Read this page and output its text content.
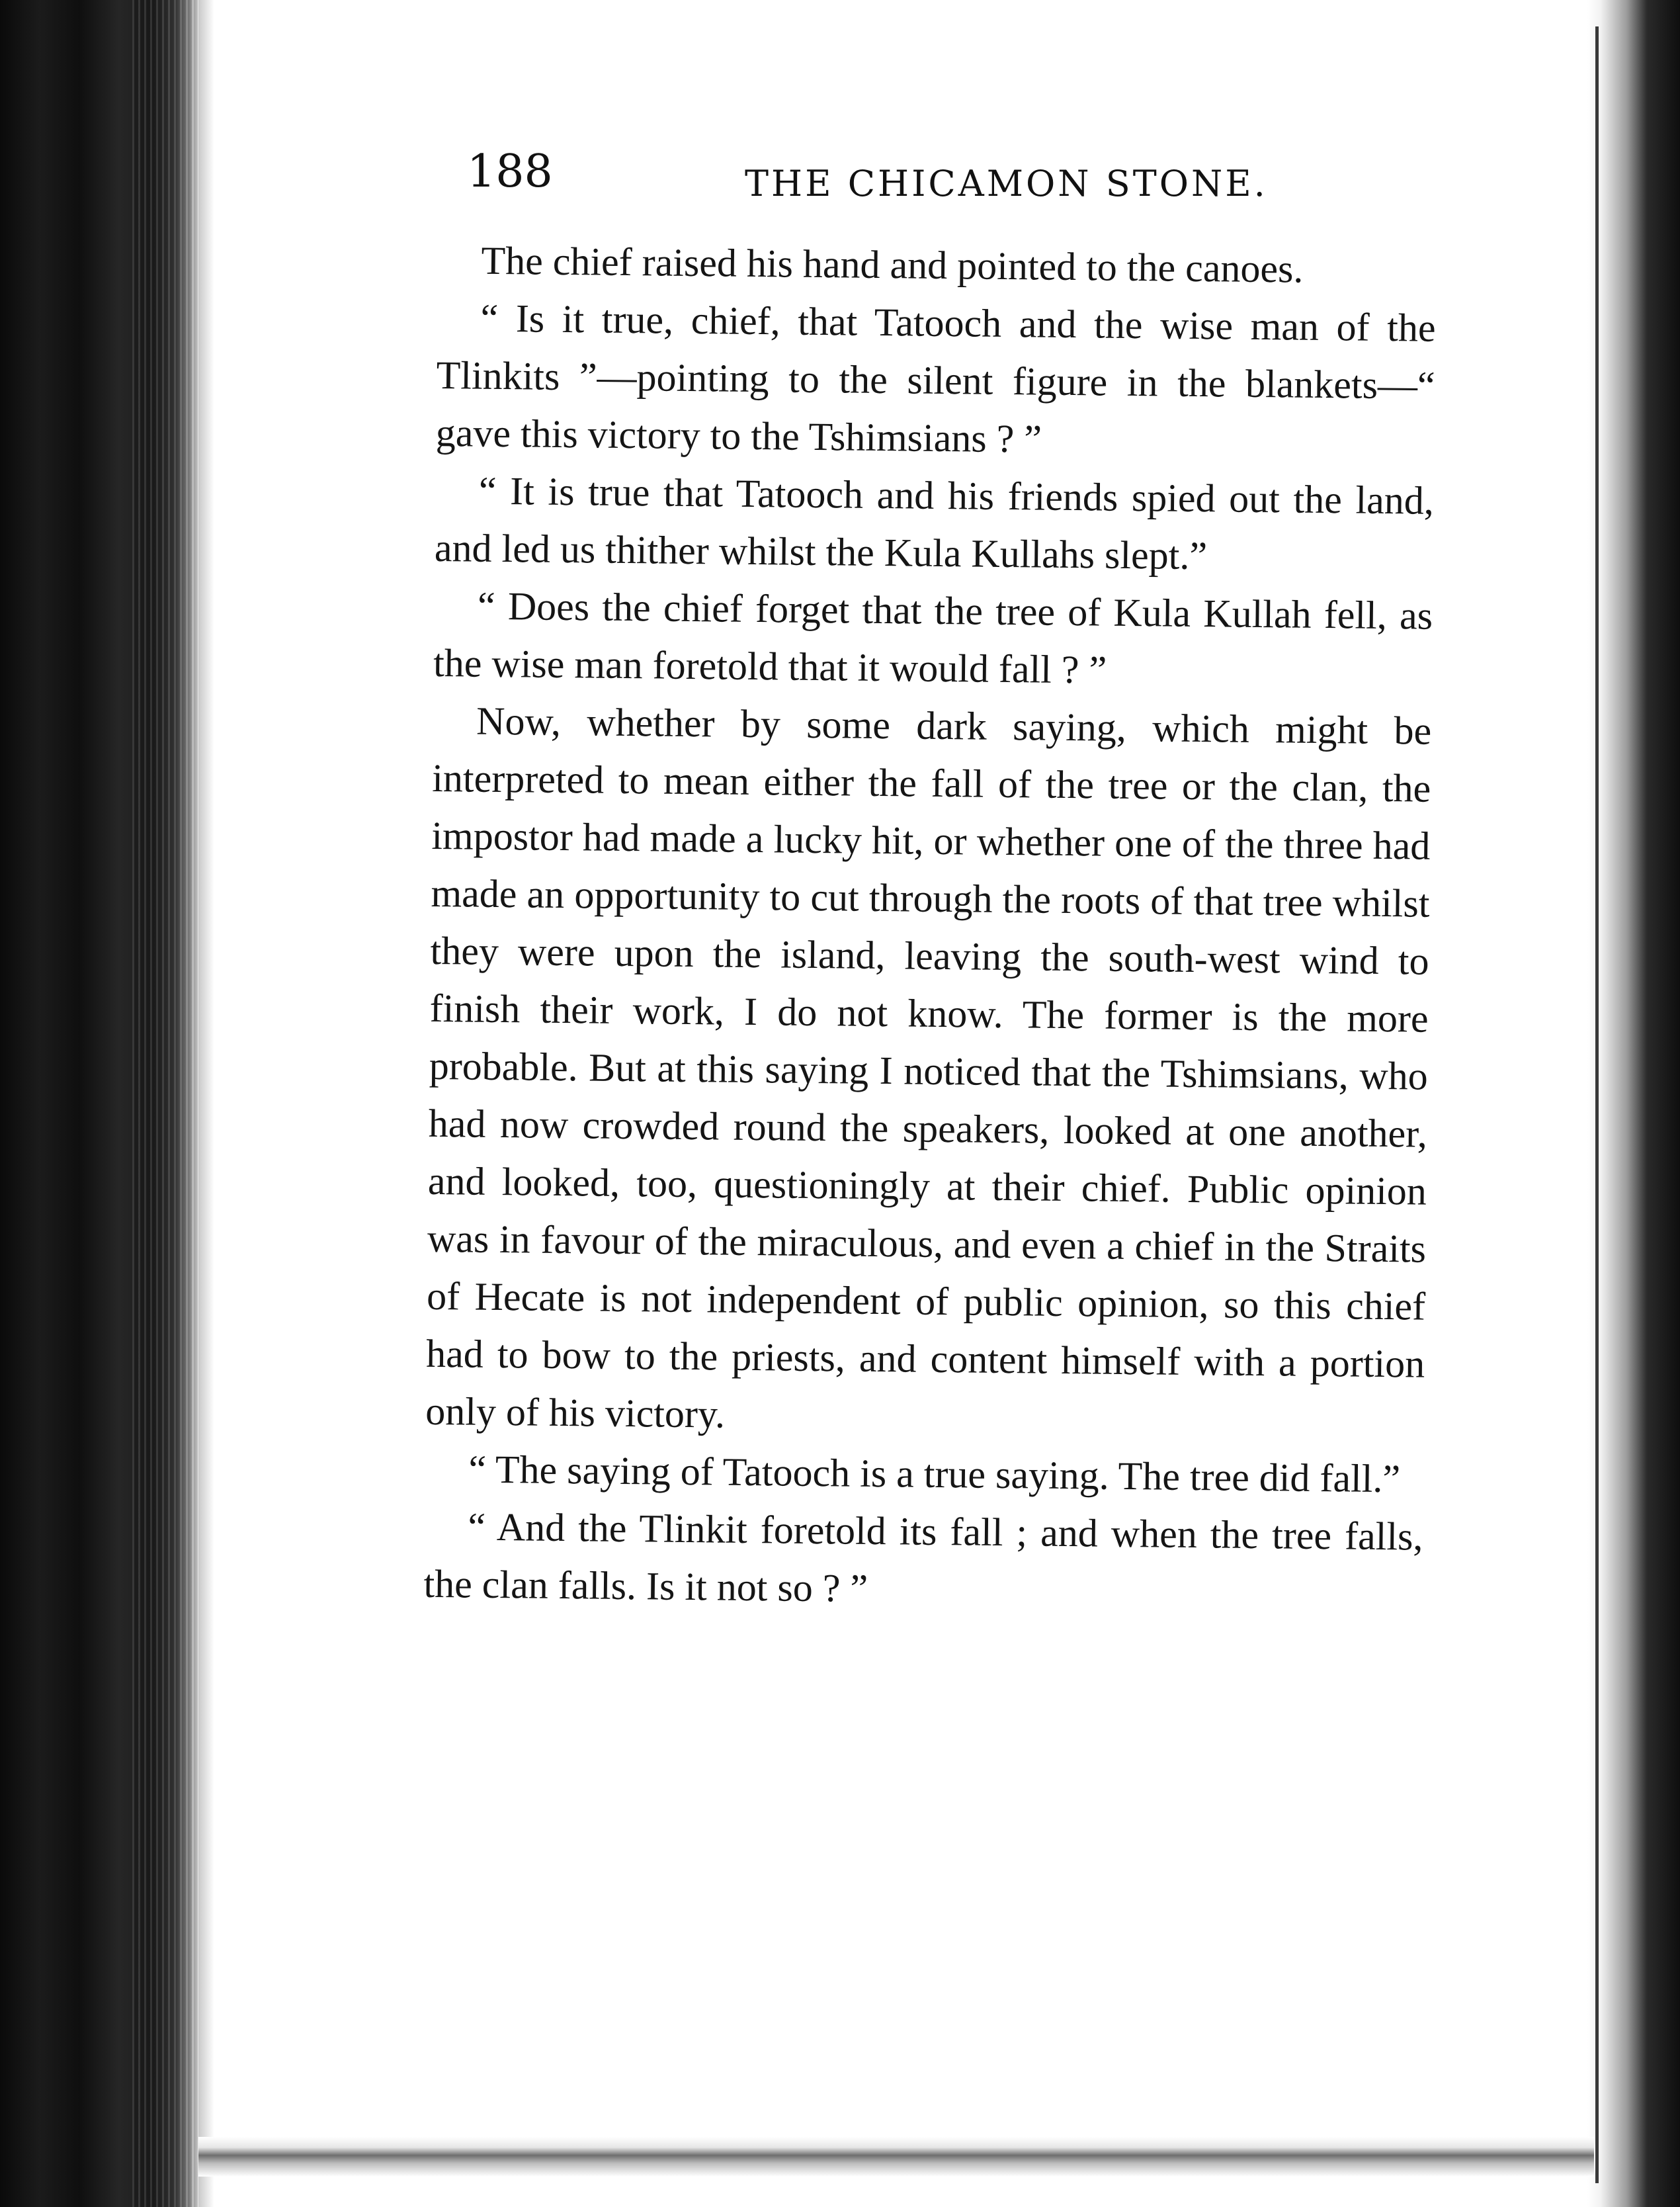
188	THE CHICAMON STONE.

The chief raised his hand and pointed to the canoes.

“ Is it true, chief, that Tatooch and the wise man of the Tlinkits ”—pointing to the silent figure in the blankets—“ gave this victory to the Tshimsians ? ”

“ It is true that Tatooch and his friends spied out the land, and led us thither whilst the Kula Kullahs slept.”

“ Does the chief forget that the tree of Kula Kullah fell, as the wise man foretold that it would fall ? ”

Now, whether by some dark saying, which might be interpreted to mean either the fall of the tree or the clan, the impostor had made a lucky hit, or whether one of the three had made an opportunity to cut through the roots of that tree whilst they were upon the island, leaving the south-west wind to finish their work, I do not know. The former is the more probable. But at this saying I noticed that the Tshimsians, who had now crowded round the speakers, looked at one another, and looked, too, questioningly at their chief. Public opinion was in favour of the miraculous, and even a chief in the Straits of Hecate is not independent of public opinion, so this chief had to bow to the priests, and content himself with a portion only of his victory.

“ The saying of Tatooch is a true saying. The tree did fall.”

“ And the Tlinkit foretold its fall ; and when the tree falls, the clan falls. Is it not so ? ”
